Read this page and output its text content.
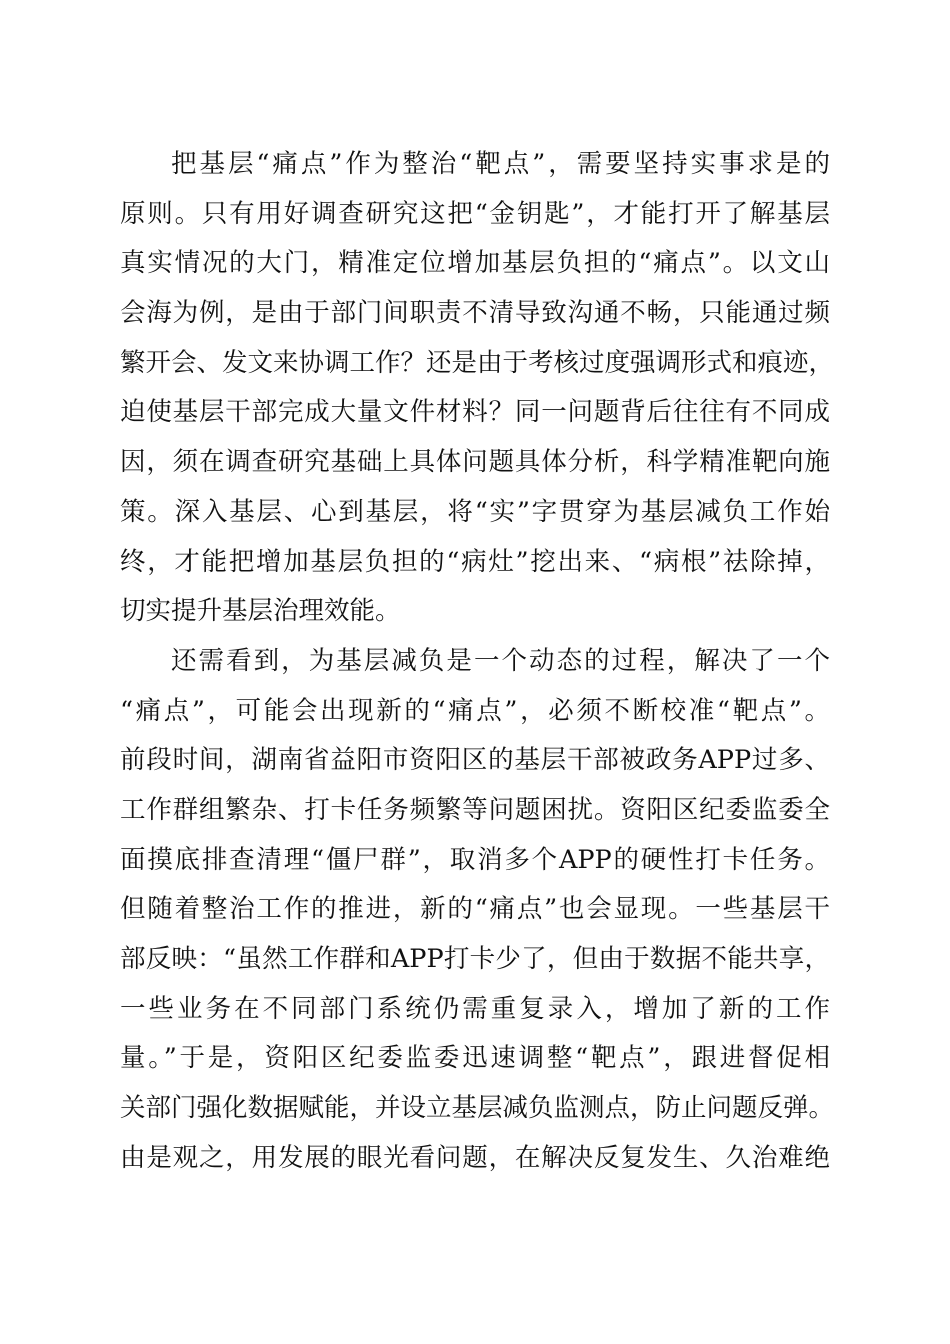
把基层“痛点”作为整治“靶点”，需要坚持实事求是的
原则。只有用好调查研究这把“金钥匙”，才能打开了解基层
真实情况的大门，精准定位增加基层负担的“痛点”。以文山
会海为例，是由于部门间职责不清导致沟通不畅，只能通过频
繁开会、发文来协调工作？还是由于考核过度强调形式和痕迹，
迫使基层干部完成大量文件材料？同一问题背后往往有不同成
因，须在调查研究基础上具体问题具体分析，科学精准靶向施
策。深入基层、心到基层，将“实”字贯穿为基层减负工作始
终，才能把增加基层负担的“病灶”挖出来、“病根”祛除掉，
切实提升基层治理效能。
还需看到，为基层减负是一个动态的过程，解决了一个
“痛点”，可能会出现新的“痛点”，必须不断校准“靶点”。
前段时间，湖南省益阳市资阳区的基层干部被政务APP过多、
工作群组繁杂、打卡任务频繁等问题困扰。资阳区纪委监委全
面摸底排查清理“僵尸群”，取消多个APP的硬性打卡任务。
但随着整治工作的推进，新的“痛点”也会显现。一些基层干
部反映：“虽然工作群和APP打卡少了，但由于数据不能共享，
一些业务在不同部门系统仍需重复录入，增加了新的工作
量。”于是，资阳区纪委监委迅速调整“靶点”，跟进督促相
关部门强化数据赋能，并设立基层减负监测点，防止问题反弹。
由是观之，用发展的眼光看问题，在解决反复发生、久治难绝
